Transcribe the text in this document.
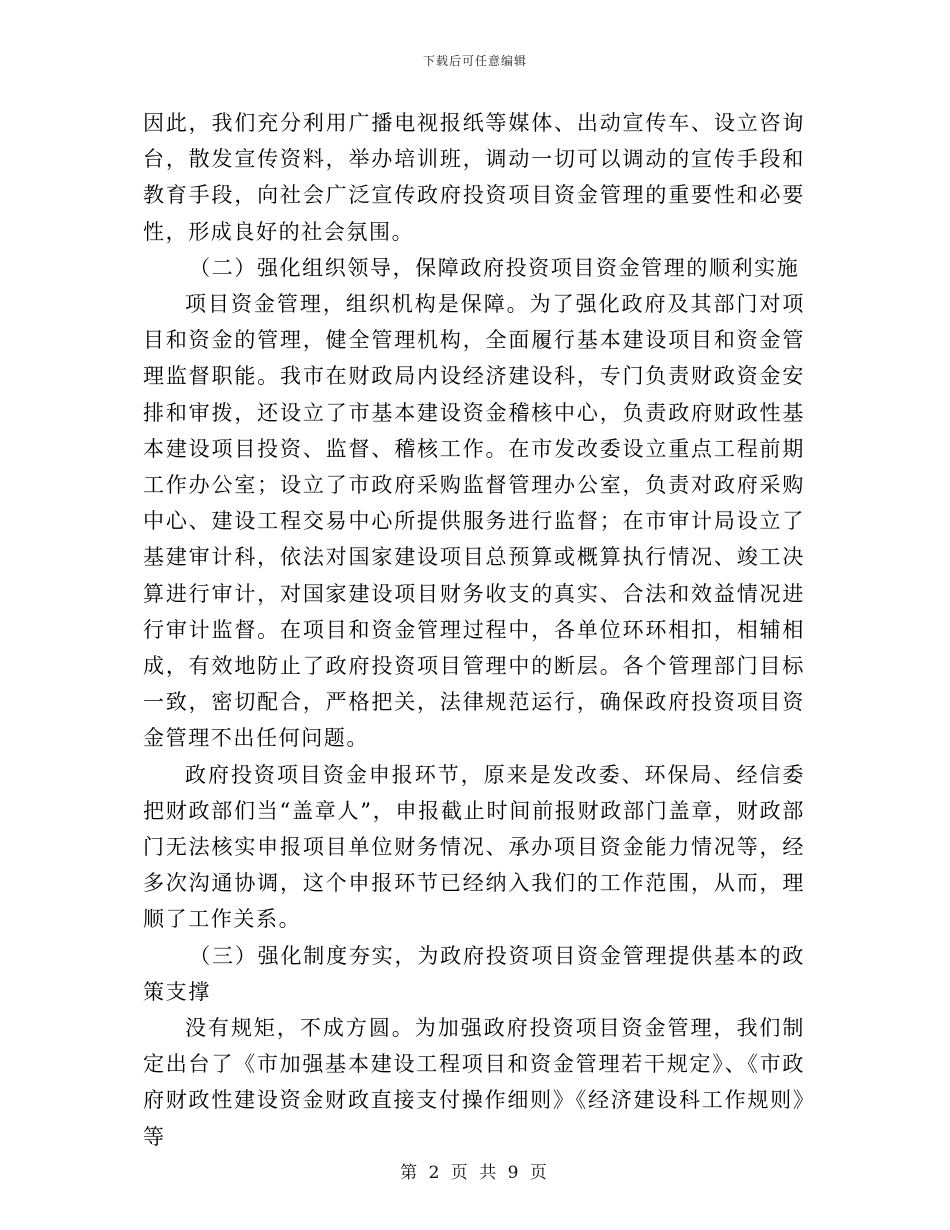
下载后可任意编辑

因此，我们充分利用广播电视报纸等媒体、出动宣传车、设立咨询台，散发宣传资料，举办培训班，调动一切可以调动的宣传手段和教育手段，向社会广泛宣传政府投资项目资金管理的重要性和必要性，形成良好的社会氛围。

（二）强化组织领导，保障政府投资项目资金管理的顺利实施

项目资金管理，组织机构是保障。为了强化政府及其部门对项目和资金的管理，健全管理机构，全面履行基本建设项目和资金管理监督职能。我市在财政局内设经济建设科，专门负责财政资金安排和审拨，还设立了市基本建设资金稽核中心，负责政府财政性基本建设项目投资、监督、稽核工作。在市发改委设立重点工程前期工作办公室；设立了市政府采购监督管理办公室，负责对政府采购中心、建设工程交易中心所提供服务进行监督；在市审计局设立了基建审计科，依法对国家建设项目总预算或概算执行情况、竣工决算进行审计，对国家建设项目财务收支的真实、合法和效益情况进行审计监督。在项目和资金管理过程中，各单位环环相扣，相辅相成，有效地防止了政府投资项目管理中的断层。各个管理部门目标一致，密切配合，严格把关，法律规范运行，确保政府投资项目资金管理不出任何问题。

政府投资项目资金申报环节，原来是发改委、环保局、经信委把财政部们当“盖章人”，申报截止时间前报财政部门盖章，财政部门无法核实申报项目单位财务情况、承办项目资金能力情况等，经多次沟通协调，这个申报环节已经纳入我们的工作范围，从而，理顺了工作关系。

（三）强化制度夯实，为政府投资项目资金管理提供基本的政策支撑

没有规矩，不成方圆。为加强政府投资项目资金管理，我们制定出台了《市加强基本建设工程项目和资金管理若干规定》、《市政府财政性建设资金财政直接支付操作细则》《经济建设科工作规则》等

第 2 页 共 9 页
